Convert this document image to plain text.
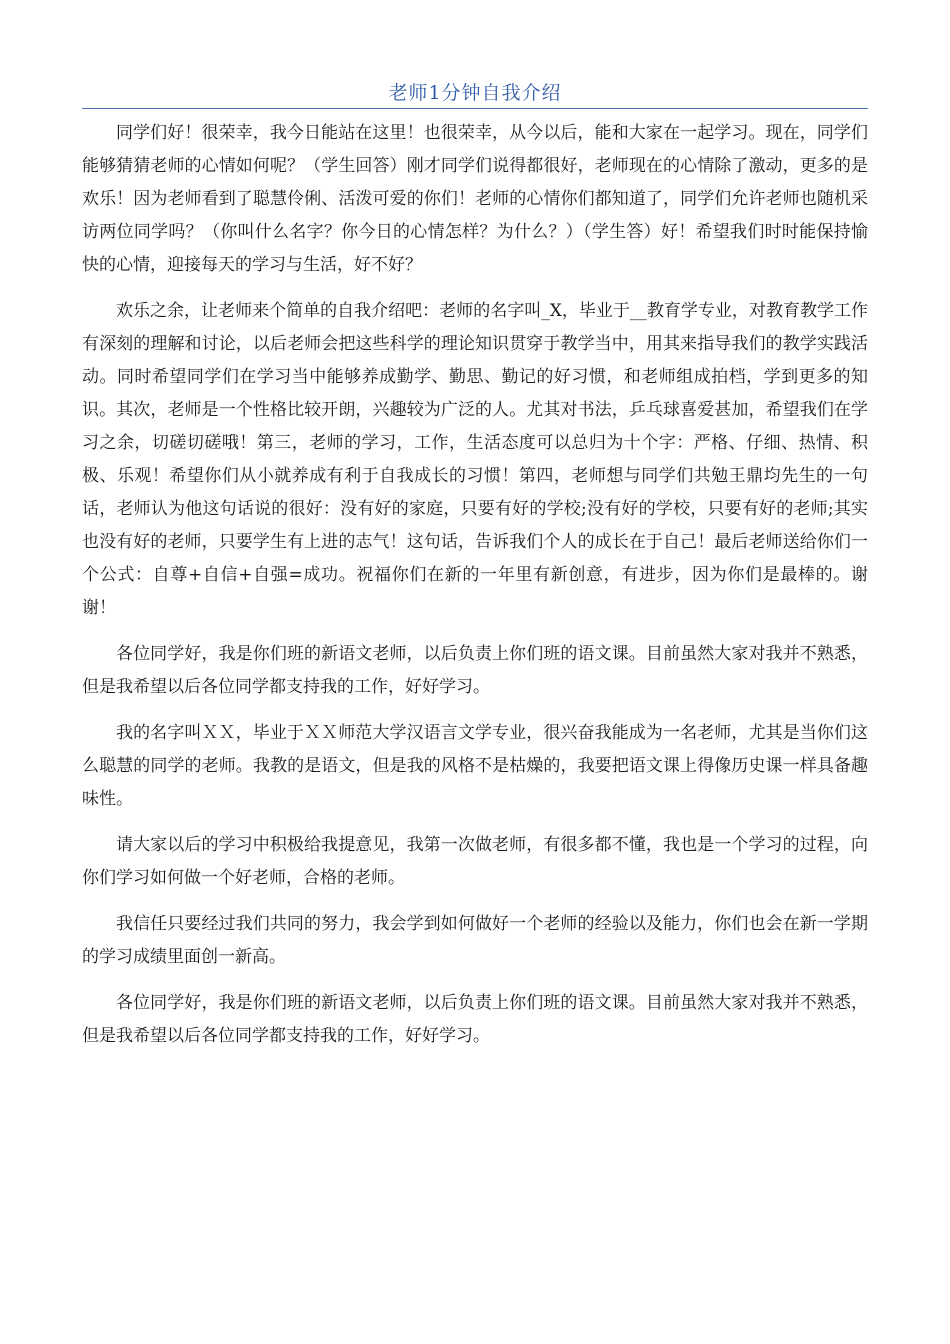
老师1分钟自我介绍

同学们好！很荣幸，我今日能站在这里！也很荣幸，从今以后，能和大家在一起学习。现在，同学们能够猜猜老师的心情如何呢？（学生回答）刚才同学们说得都很好，老师现在的心情除了激动，更多的是欢乐！因为老师看到了聪慧伶俐、活泼可爱的你们！老师的心情你们都知道了，同学们允许老师也随机采访两位同学吗？（你叫什么名字？你今日的心情怎样？为什么？）（学生答）好！希望我们时时能保持愉快的心情，迎接每天的学习与生活，好不好？

欢乐之余，让老师来个简单的自我介绍吧：老师的名字叫_X，毕业于__教育学专业，对教育教学工作有深刻的理解和讨论，以后老师会把这些科学的理论知识贯穿于教学当中，用其来指导我们的教学实践活动。同时希望同学们在学习当中能够养成勤学、勤思、勤记的好习惯，和老师组成拍档，学到更多的知识。其次，老师是一个性格比较开朗，兴趣较为广泛的人。尤其对书法，乒乓球喜爱甚加，希望我们在学习之余，切磋切磋哦！第三，老师的学习，工作，生活态度可以总归为十个字：严格、仔细、热情、积极、乐观！希望你们从小就养成有利于自我成长的习惯！第四，老师想与同学们共勉王鼎均先生的一句话，老师认为他这句话说的很好：没有好的家庭，只要有好的学校;没有好的学校，只要有好的老师;其实也没有好的老师，只要学生有上进的志气！这句话，告诉我们个人的成长在于自己！最后老师送给你们一个公式：自尊+自信+自强=成功。祝福你们在新的一年里有新创意，有进步，因为你们是最棒的。谢谢！

各位同学好，我是你们班的新语文老师，以后负责上你们班的语文课。目前虽然大家对我并不熟悉，但是我希望以后各位同学都支持我的工作，好好学习。

我的名字叫ＸＸ，毕业于ＸＸ师范大学汉语言文学专业，很兴奋我能成为一名老师，尤其是当你们这么聪慧的同学的老师。我教的是语文，但是我的风格不是枯燥的，我要把语文课上得像历史课一样具备趣味性。

请大家以后的学习中积极给我提意见，我第一次做老师，有很多都不懂，我也是一个学习的过程，向你们学习如何做一个好老师，合格的老师。

我信任只要经过我们共同的努力，我会学到如何做好一个老师的经验以及能力，你们也会在新一学期的学习成绩里面创一新高。

各位同学好，我是你们班的新语文老师，以后负责上你们班的语文课。目前虽然大家对我并不熟悉，但是我希望以后各位同学都支持我的工作，好好学习。
